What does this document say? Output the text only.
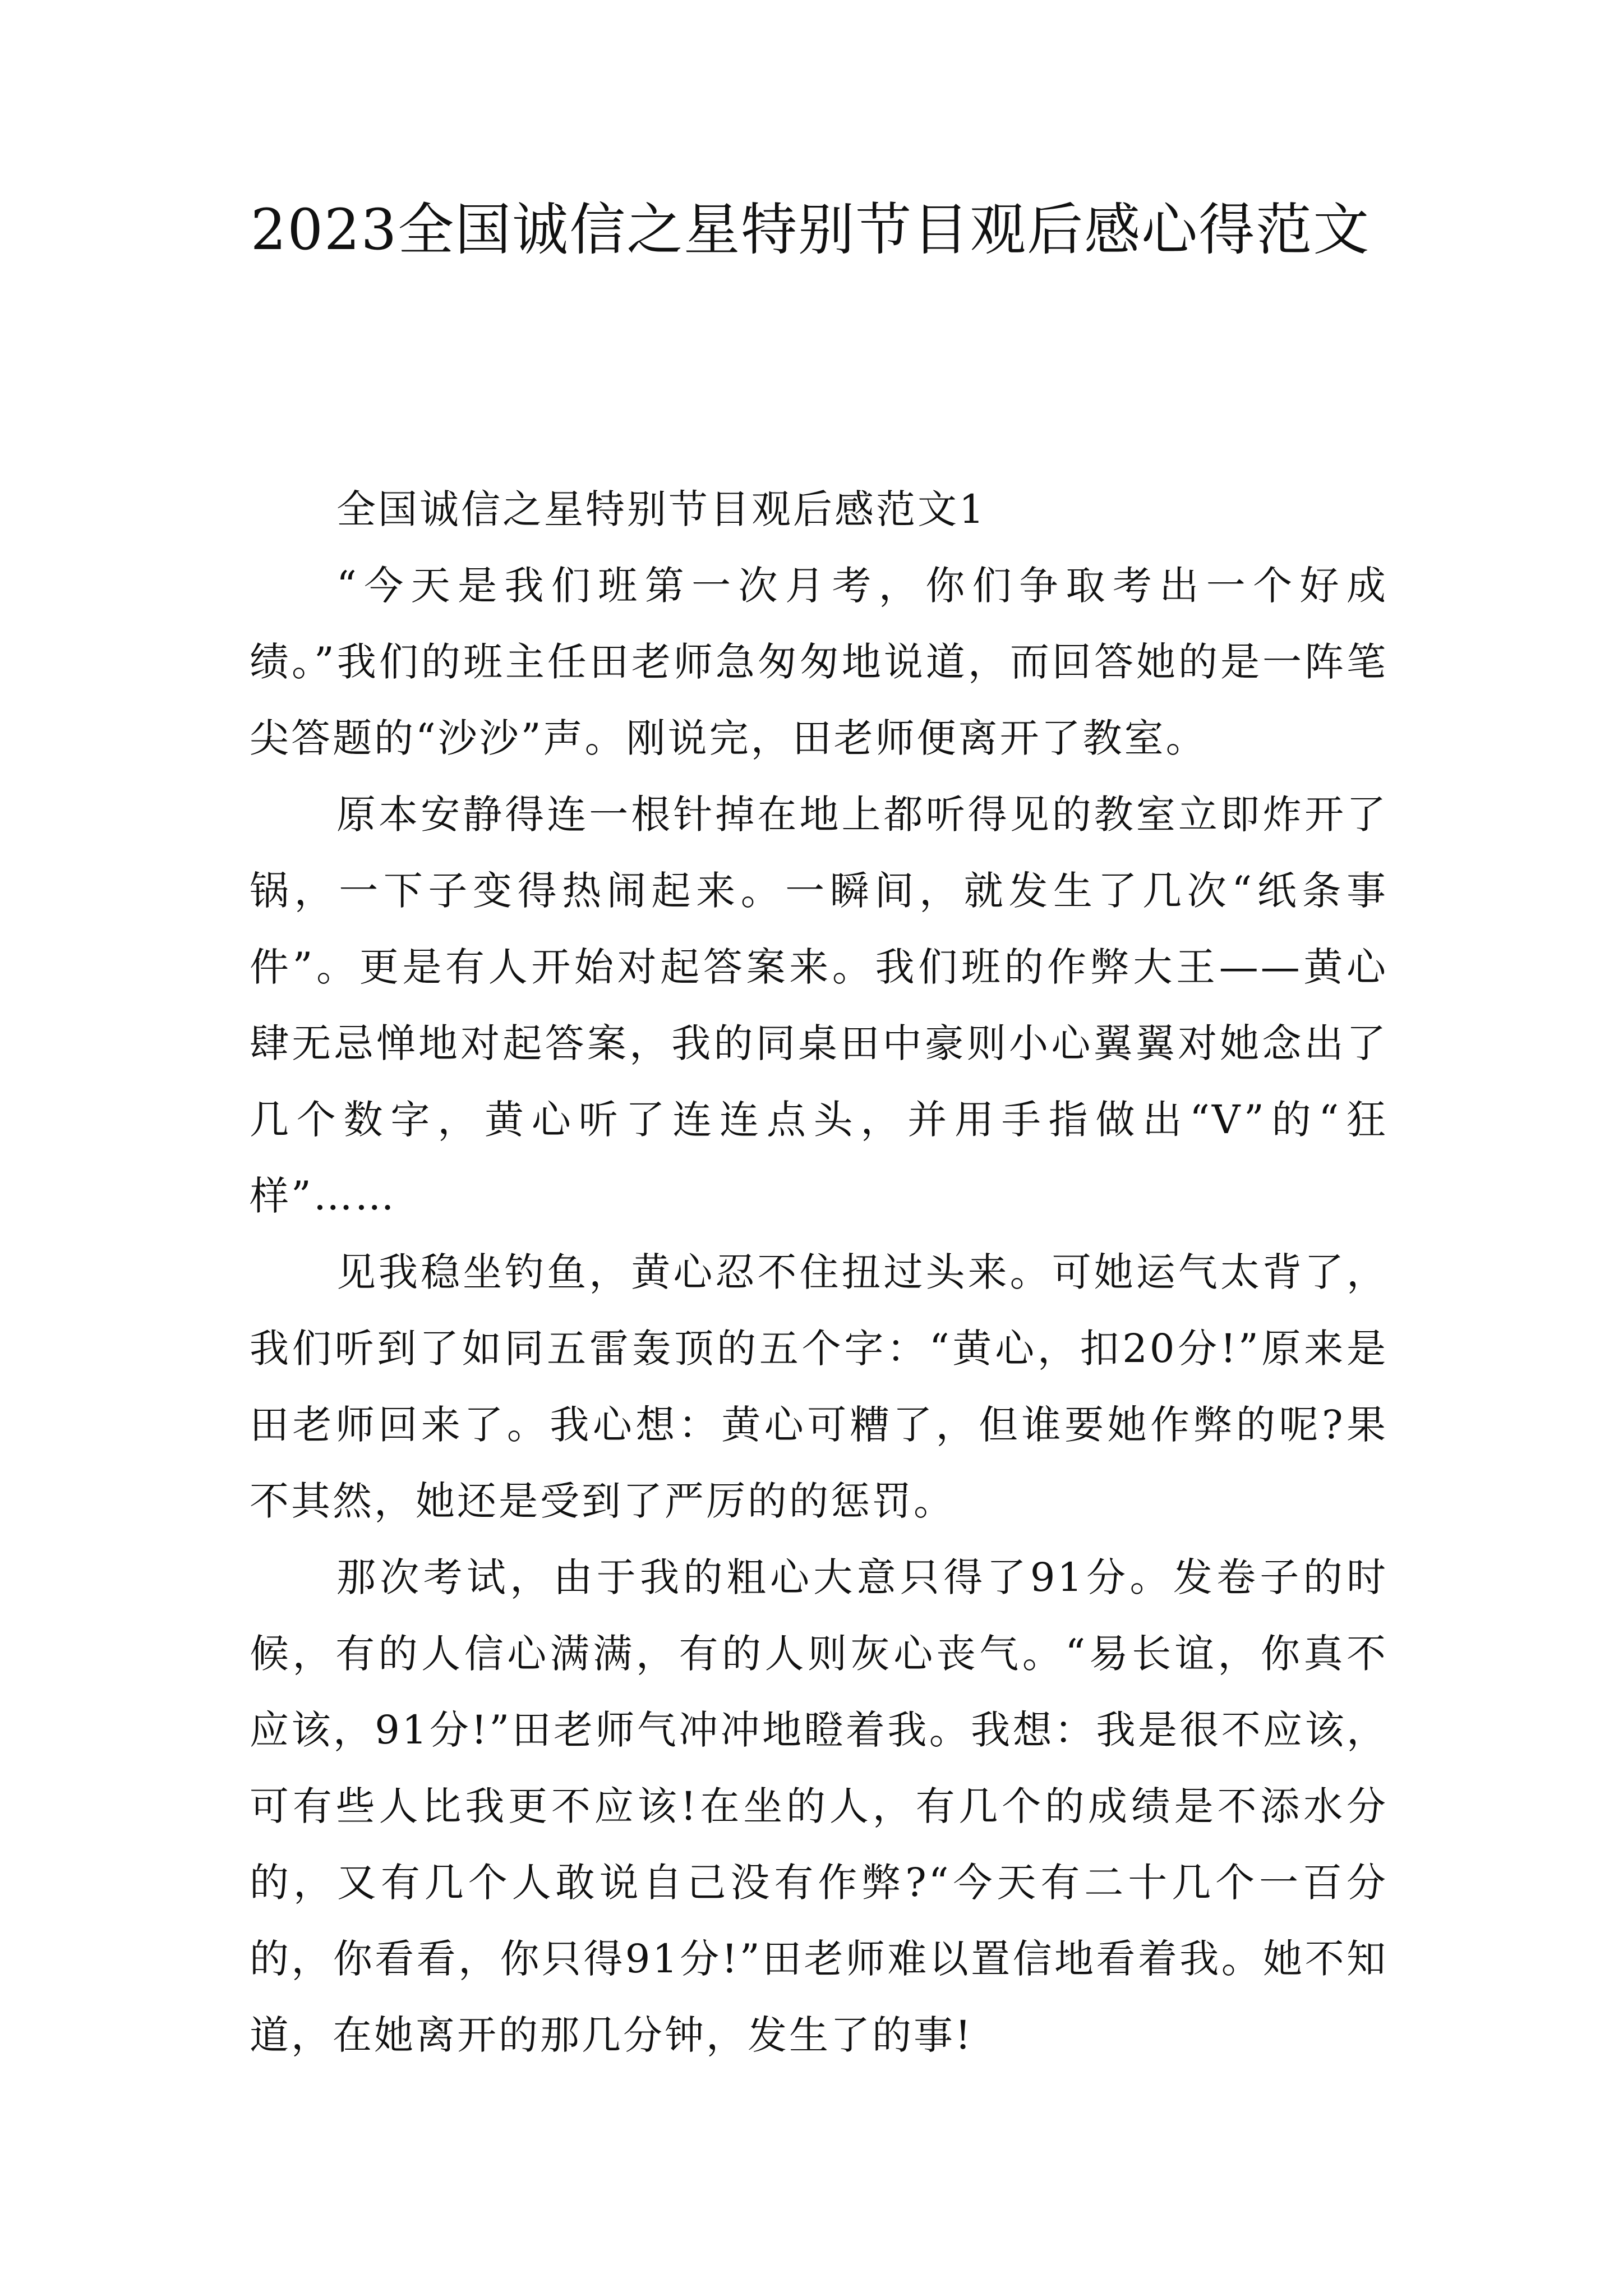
2023全国诚信之星特别节目观后感心得范文

全国诚信之星特别节目观后感范文1

“今天是我们班第一次月考，你们争取考出一个好成绩。”我们的班主任田老师急匆匆地说道，而回答她的是一阵笔尖答题的“沙沙”声。刚说完，田老师便离开了教室。

原本安静得连一根针掉在地上都听得见的教室立即炸开了锅，一下子变得热闹起来。一瞬间，就发生了几次“纸条事件”。更是有人开始对起答案来。我们班的作弊大王——黄心肆无忌惮地对起答案，我的同桌田中豪则小心翼翼对她念出了几个数字，黄心听了连连点头，并用手指做出“V”的“狂样”……

见我稳坐钓鱼，黄心忍不住扭过头来。可她运气太背了，我们听到了如同五雷轰顶的五个字：“黄心，扣20分!”原来是田老师回来了。我心想：黄心可糟了，但谁要她作弊的呢?果不其然，她还是受到了严厉的的惩罚。

那次考试，由于我的粗心大意只得了91分。发卷子的时候，有的人信心满满，有的人则灰心丧气。“易长谊，你真不应该，91分!”田老师气冲冲地瞪着我。我想：我是很不应该，可有些人比我更不应该!在坐的人，有几个的成绩是不添水分的，又有几个人敢说自己没有作弊?“今天有二十几个一百分的，你看看，你只得91分!”田老师难以置信地看着我。她不知道，在她离开的那几分钟，发生了的事!
